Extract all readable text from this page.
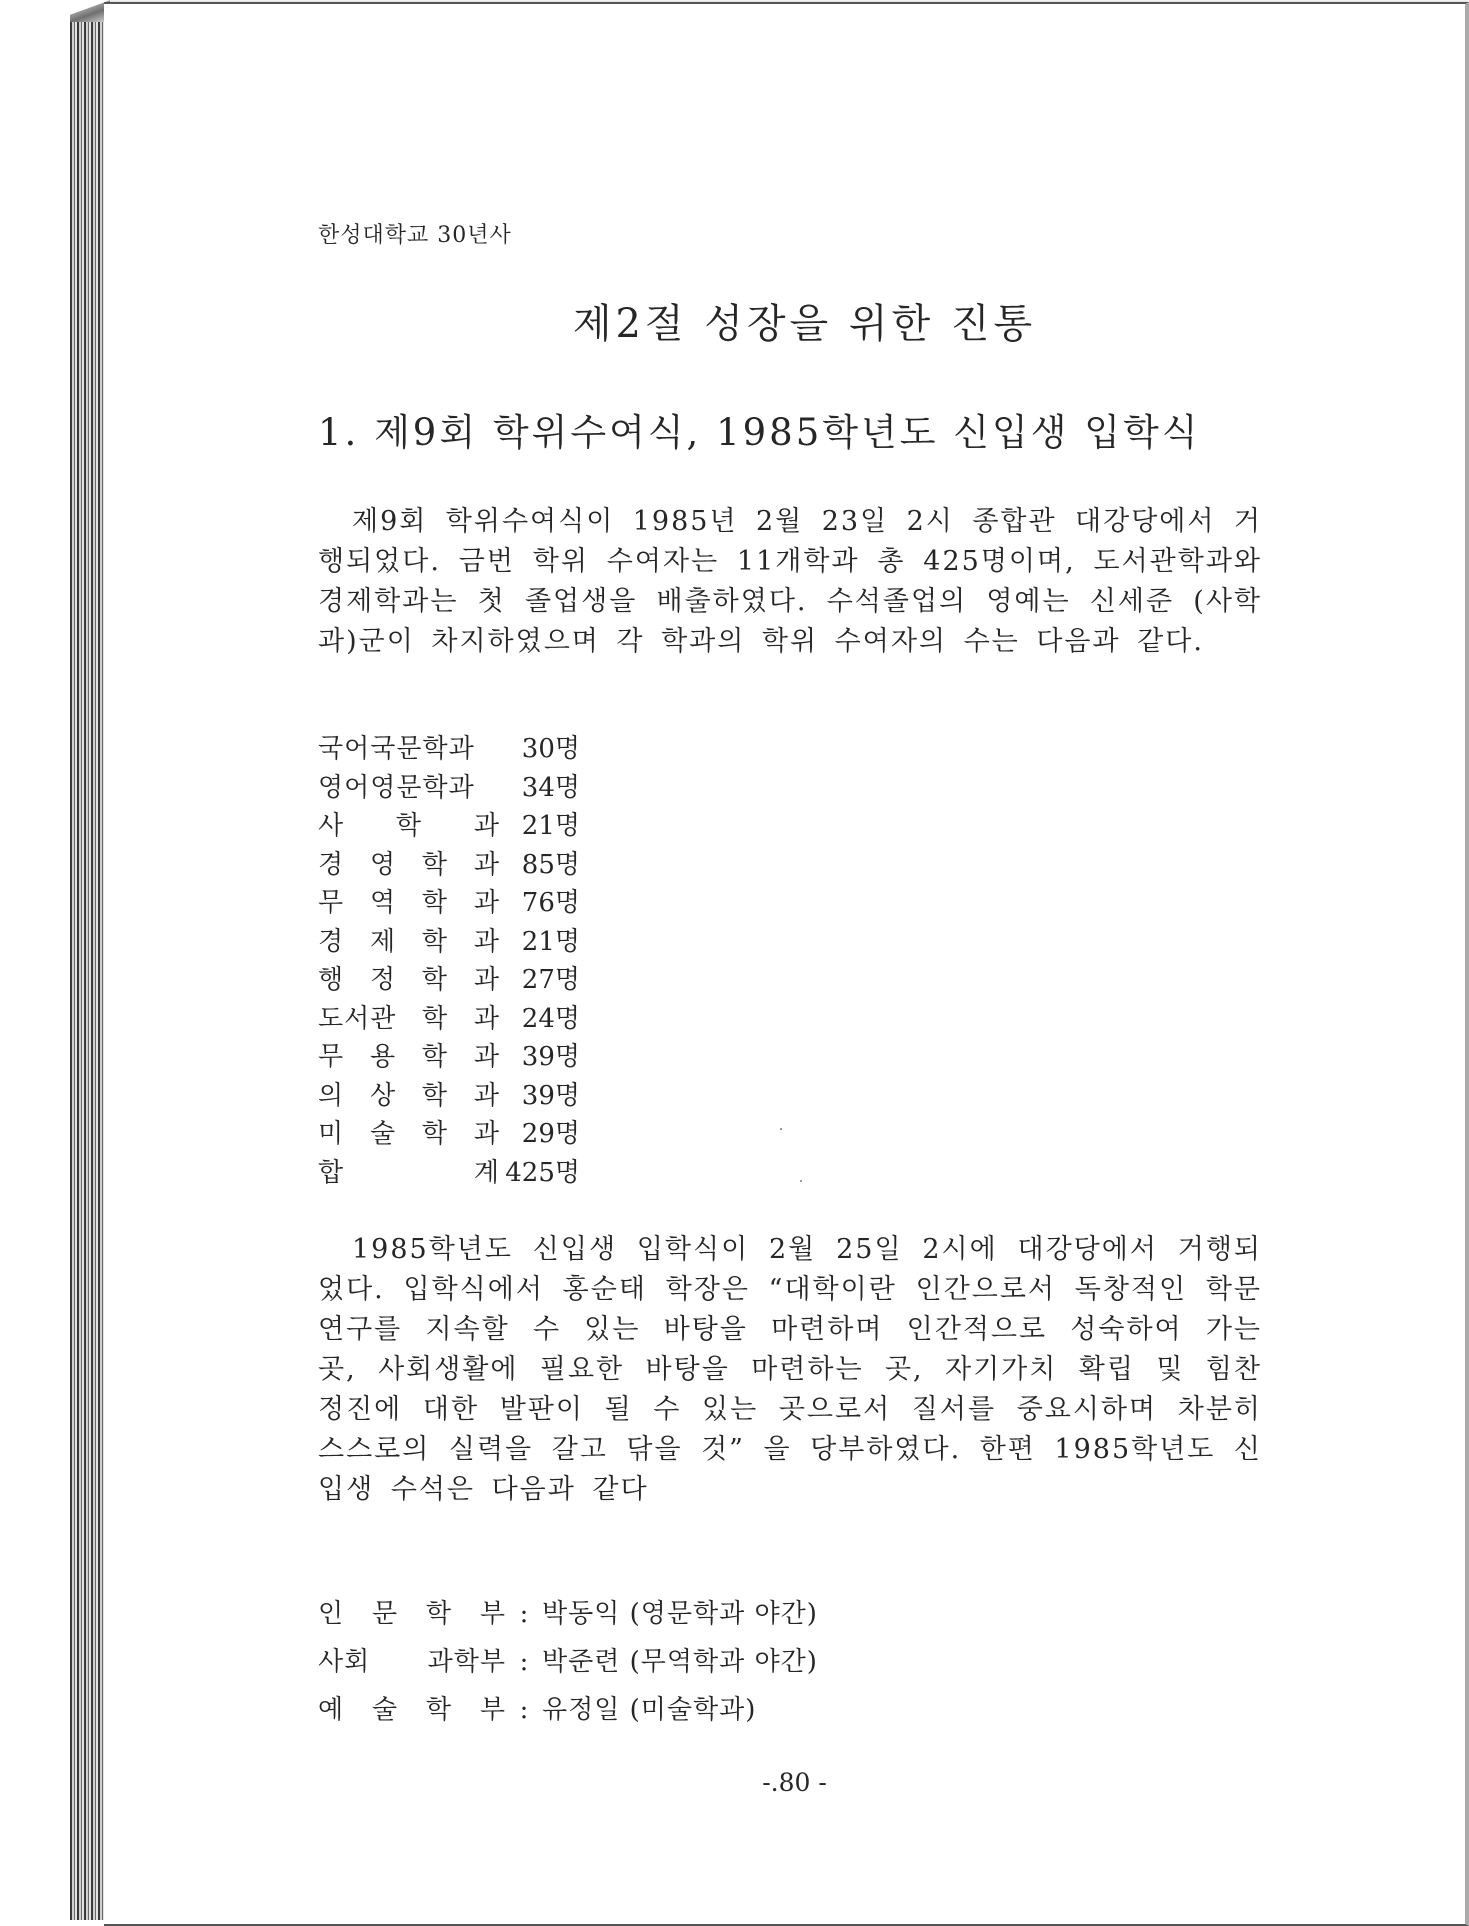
한성대학교 30년사
제2절 성장을 위한 진통
1. 제9회 학위수여식, 1985학년도 신입생 입학식
제9회 학위수여식이 1985년 2월 23일 2시 종합관 대강당에서 거행되었다. 금번 학위 수여자는 11개학과 총 425명이며, 도서관학과와 경제학과는 첫 졸업생을 배출하였다. 수석졸업의 영예는 신세준 (사학과)군이 차지하였으며 각 학과의 학위 수여자의 수는 다음과 같다.
국어국문학과	30명
영어영문학과	34명
사 학 과 21명
경 영 학 과 85명
무 역 학 과 76명
경 제 학 과 21명
행 정 학 과 27명
도서관 학 과 24명
무 용 학 과 39명
의 상 학 과 39명
미 술 학 과 29명
합 계 425명
1985학년도 신입생 입학식이 2월 25일 2시에 대강당에서 거행되었다. 입학식에서 홍순태 학장은 “대학이란 인간으로서 독창적인 학문연구를 지속할 수 있는 바탕을 마련하며 인간적으로 성숙하여 가는 곳, 사회생활에 필요한 바탕을 마련하는 곳, 자기가치 확립 및 힘찬 정진에 대한 발판이 될 수 있는 곳으로서 질서를 중요시하며 차분히 스스로의 실력을 갈고 닦을 것” 을 당부하였다. 한편 1985학년도 신입생 수석은 다음과 같다
인 문 학 부 : 박동익 (영문학과 야간)
사회 과학부 : 박준련 (무역학과 야간)
예 술 학 부 : 유정일 (미술학과)
-.80 -
